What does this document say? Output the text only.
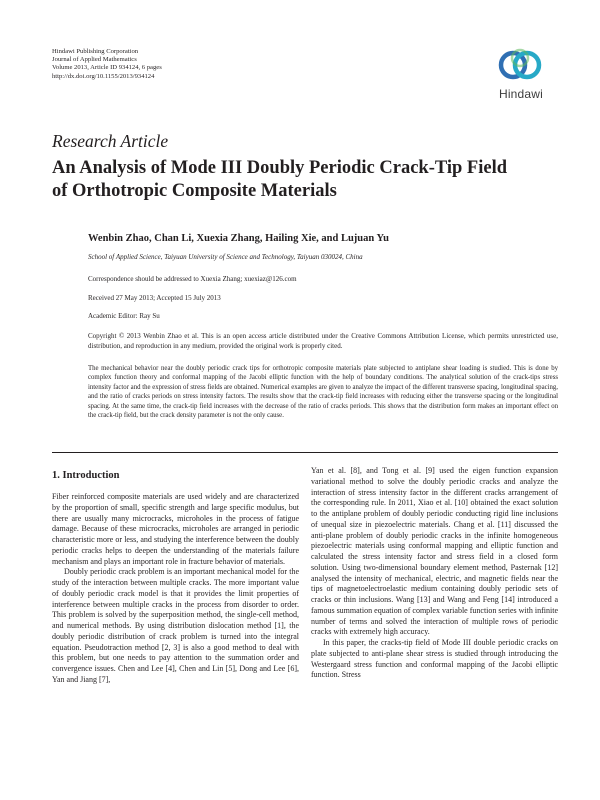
Hindawi Publishing Corporation
Journal of Applied Mathematics
Volume 2013, Article ID 934124, 6 pages
http://dx.doi.org/10.1155/2013/934124
Hindawi
Research Article
An Analysis of Mode III Doubly Periodic Crack-Tip Field of Orthotropic Composite Materials
Wenbin Zhao, Chan Li, Xuexia Zhang, Hailing Xie, and Lujuan Yu
School of Applied Science, Taiyuan University of Science and Technology, Taiyuan 030024, China
Correspondence should be addressed to Xuexia Zhang; xuexiaz@126.com
Received 27 May 2013; Accepted 15 July 2013
Academic Editor: Ray Su
Copyright © 2013 Wenbin Zhao et al. This is an open access article distributed under the Creative Commons Attribution License, which permits unrestricted use, distribution, and reproduction in any medium, provided the original work is properly cited.
The mechanical behavior near the doubly periodic crack tips for orthotropic composite materials plate subjected to antiplane shear loading is studied. This is done by complex function theory and conformal mapping of the Jacobi elliptic function with the help of boundary conditions. The analytical solution of the crack-tips stress intensity factor and the expression of stress fields are obtained. Numerical examples are given to analyze the impact of the different transverse spacing, longitudinal spacing, and the ratio of cracks periods on stress intensity factors. The results show that the crack-tip field increases with reducing either the transverse spacing or the longitudinal spacing. At the same time, the crack-tip field increases with the decrease of the ratio of cracks periods. This shows that the distribution form makes an important effect on the crack-tip field, but the crack density parameter is not the only cause.
1. Introduction

Fiber reinforced composite materials are used widely and are characterized by the proportion of small, specific strength and large specific modulus, but there are usually many microcracks, microholes in the process of fatigue damage. Because of these microcracks, microholes are arranged in periodic characteristic more or less, and studying the interference between the doubly periodic cracks helps to deepen the understanding of the materials failure mechanism and plays an important role in fracture behavior of materials.

Doubly periodic crack problem is an important mechanical model for the study of the interaction between multiple cracks. The more important value of doubly periodic crack model is that it provides the limit properties of interference between multiple cracks in the process from disorder to order. This problem is solved by the superposition method, the single-cell method, and numerical methods. By using distribution dislocation method [1], the doubly periodic distribution of crack problem is turned into the integral equation. Pseudotraction method [2, 3] is also a good method to deal with this problem, but one needs to pay attention to the summation order and convergence issues. Chen and Lee [4], Chen and Lin [5], Dong and Lee [6], Yan and Jiang [7],

Yan et al. [8], and Tong et al. [9] used the eigen function expansion variational method to solve the doubly periodic cracks and analyze the interaction of stress intensity factor in the different cracks arrangement of the corresponding rule. In 2011, Xiao et al. [10] obtained the exact solution to the antiplane problem of doubly periodic conducting rigid line inclusions of unequal size in piezoelectric materials. Chang et al. [11] discussed the anti-plane problem of doubly periodic cracks in the infinite homogeneous piezoelectric materials using conformal mapping and elliptic function and calculated the stress intensity factor and stress field in a closed form solution. Using two-dimensional boundary element method, Pasternak [12] analysed the intensity of mechanical, electric, and magnetic fields near the tips of magnetoelectroelastic medium containing doubly periodic sets of cracks or thin inclusions. Wang [13] and Wang and Feng [14] introduced a famous summation equation of complex variable function series with infinite number of terms and solved the interaction of multiple rows of periodic cracks with extremely high accuracy.

In this paper, the cracks-tip field of Mode III double periodic cracks on plate subjected to anti-plane shear stress is studied through introducing the Westergaard stress function and conformal mapping of the Jacobi elliptic function. Stress
